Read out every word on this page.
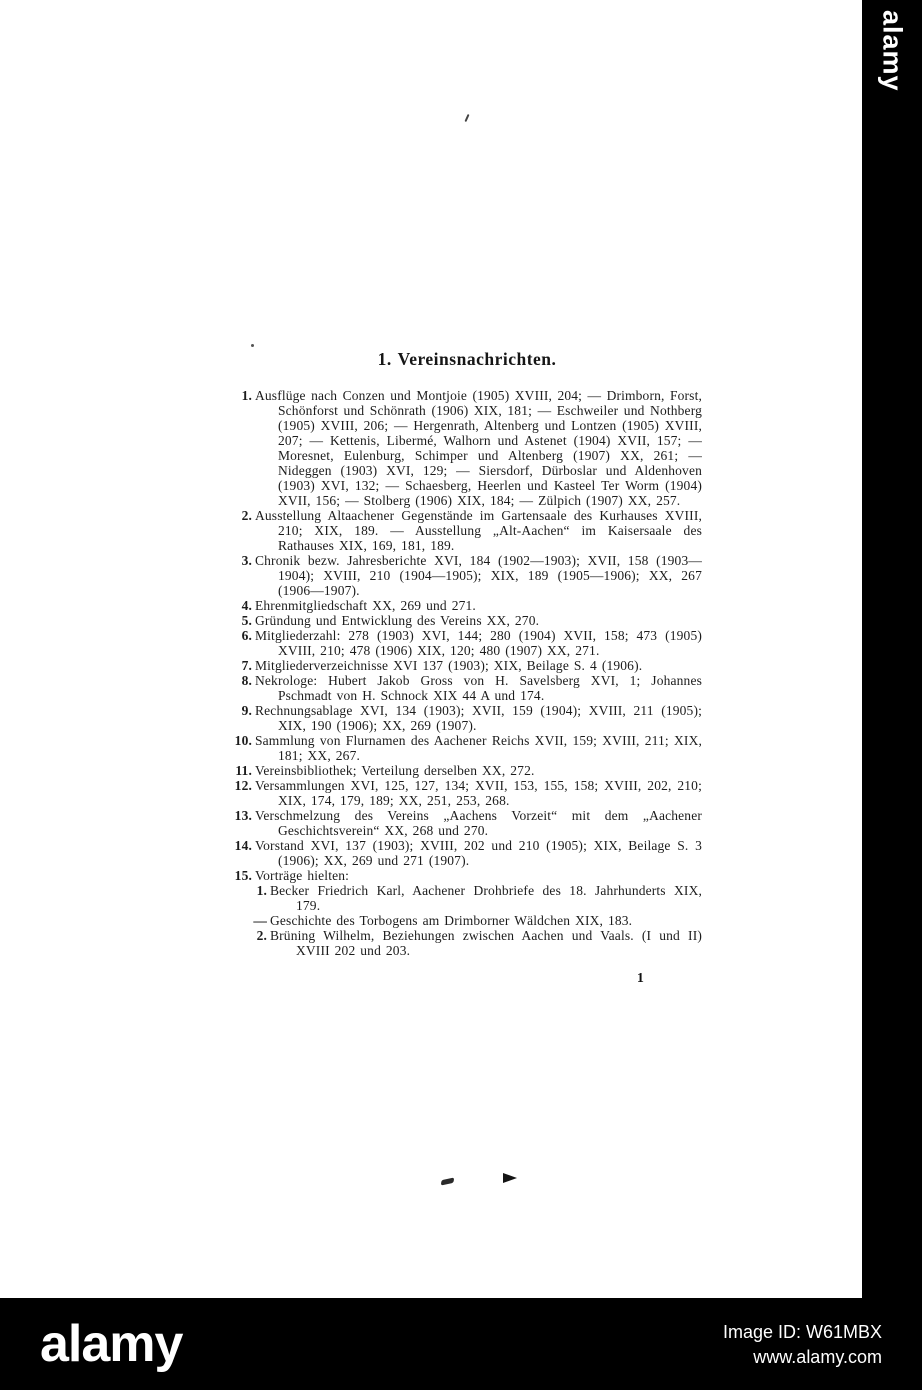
1. Vereinsnachrichten.
1. Ausflüge nach Conzen und Montjoie (1905) XVIII, 204; — Drimborn, Forst, Schönforst und Schönrath (1906) XIX, 181; — Eschweiler und Nothberg (1905) XVIII, 206; — Hergenrath, Altenberg und Lontzen (1905) XVIII, 207; — Kettenis, Libermé, Walhorn und Astenet (1904) XVII, 157; — Moresnet, Eulenburg, Schimper und Altenberg (1907) XX, 261; — Nideggen (1903) XVI, 129; — Siersdorf, Dürboslar und Aldenhoven (1903) XVI, 132; — Schaesberg, Heerlen und Kasteel Ter Worm (1904) XVII, 156; — Stolberg (1906) XIX, 184; — Zülpich (1907) XX, 257.
2. Ausstellung Altaachener Gegenstände im Gartensaale des Kurhauses XVIII, 210; XIX, 189. — Ausstellung „Alt-Aachen“ im Kaisersaale des Rathauses XIX, 169, 181, 189.
3. Chronik bezw. Jahresberichte XVI, 184 (1902—1903); XVII, 158 (1903—1904); XVIII, 210 (1904—1905); XIX, 189 (1905—1906); XX, 267 (1906—1907).
4. Ehrenmitgliedschaft XX, 269 und 271.
5. Gründung und Entwicklung des Vereins XX, 270.
6. Mitgliederzahl: 278 (1903) XVI, 144; 280 (1904) XVII, 158; 473 (1905) XVIII, 210; 478 (1906) XIX, 120; 480 (1907) XX, 271.
7. Mitgliederverzeichnisse XVI 137 (1903); XIX, Beilage S. 4 (1906).
8. Nekrologe: Hubert Jakob Gross von H. Savelsberg XVI, 1; Johannes Pschmadt von H. Schnock XIX 44 A und 174.
9. Rechnungsablage XVI, 134 (1903); XVII, 159 (1904); XVIII, 211 (1905); XIX, 190 (1906); XX, 269 (1907).
10. Sammlung von Flurnamen des Aachener Reichs XVII, 159; XVIII, 211; XIX, 181; XX, 267.
11. Vereinsbibliothek; Verteilung derselben XX, 272.
12. Versammlungen XVI, 125, 127, 134; XVII, 153, 155, 158; XVIII, 202, 210; XIX, 174, 179, 189; XX, 251, 253, 268.
13. Verschmelzung des Vereins „Aachens Vorzeit“ mit dem „Aachener Geschichtsverein“ XX, 268 und 270.
14. Vorstand XVI, 137 (1903); XVIII, 202 und 210 (1905); XIX, Beilage S. 3 (1906); XX, 269 und 271 (1907).
15. Vorträge hielten:
1. Becker Friedrich Karl, Aachener Drohbriefe des 18. Jahrhunderts XIX, 179.
— Geschichte des Torbogens am Drimborner Wäldchen XIX, 183.
2. Brüning Wilhelm, Beziehungen zwischen Aachen und Vaals. (I und II) XVIII 202 und 203.
1
alamy
alamy	Image ID: W61MBX
www.alamy.com
